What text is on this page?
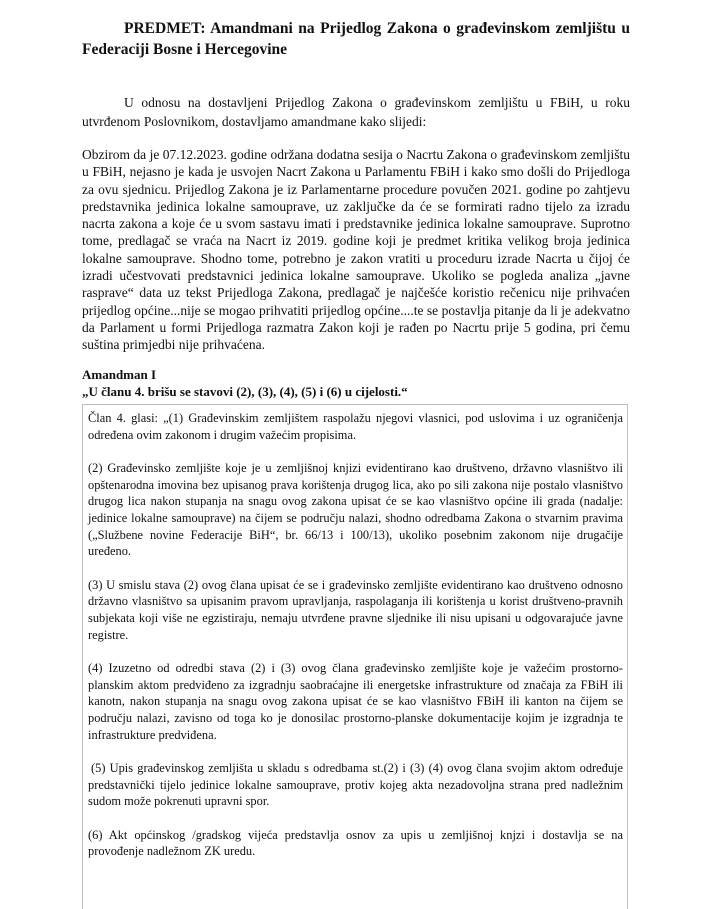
PREDMET: Amandmani na Prijedlog Zakona o građevinskom zemljištu u Federaciji Bosne i Hercegovine

U odnosu na dostavljeni Prijedlog Zakona o građevinskom zemljištu u FBiH, u roku utvrđenom Poslovnikom, dostavljamo amandmane kako slijedi:

Obzirom da je 07.12.2023. godine održana dodatna sesija o Nacrtu Zakona o građevinskom zemljištu u FBiH, nejasno je kada je usvojen Nacrt Zakona u Parlamentu FBiH i kako smo došli do Prijedloga za ovu sjednicu. Prijedlog Zakona je iz Parlamentarne procedure povučen 2021. godine po zahtjevu predstavnika jedinica lokalne samouprave, uz zaključke da će se formirati radno tijelo za izradu nacrta zakona a koje će u svom sastavu imati i predstavnike jedinica lokalne samouprave. Suprotno tome, predlagač se vraća na Nacrt iz 2019. godine koji je predmet kritika velikog broja jedinica lokalne samouprave. Shodno tome, potrebno je zakon vratiti u proceduru izrade Nacrta u čijoj će izradi učestvovati predstavnici jedinica lokalne samouprave. Ukoliko se pogleda analiza „javne rasprave“ data uz tekst Prijedloga Zakona, predlagač je najčešće koristio rečenicu nije prihvaćen prijedlog općine...nije se mogao prihvatiti prijedlog općine....te se postavlja pitanje da li je adekvatno da Parlament u formi Prijedloga razmatra Zakon koji je rađen po Nacrtu prije 5 godina, pri čemu suština primjedbi nije prihvaćena.

Amandman I
„U članu 4. brišu se stavovi (2), (3), (4), (5) i (6) u cijelosti.“

Član 4. glasi: „(1) Građevinskim zemljištem raspolažu njegovi vlasnici, pod uslovima i uz ograničenja određena ovim zakonom i drugim važećim propisima.

(2) Građevinsko zemljište koje je u zemljišnoj knjizi evidentirano kao društveno, državno vlasništvo ili opštenarodna imovina bez upisanog prava korištenja drugog lica, ako po sili zakona nije postalo vlasništvo drugog lica nakon stupanja na snagu ovog zakona upisat će se kao vlasništvo općine ili grada (nadalje: jedinice lokalne samouprave) na čijem se području nalazi, shodno odredbama Zakona o stvarnim pravima („Službene novine Federacije BiH“, br. 66/13 i 100/13), ukoliko posebnim zakonom nije drugačije uređeno.

(3) U smislu stava (2) ovog člana upisat će se i građevinsko zemljište evidentirano kao društveno odnosno državno vlasništvo sa upisanim pravom upravljanja, raspolaganja ili korištenja u korist društveno-pravnih subjekata koji više ne egzistiraju, nemaju utvrđene pravne sljednike ili nisu upisani u odgovarajuće javne registre.

(4) Izuzetno od odredbi stava (2) i (3) ovog člana građevinsko zemljište koje je važećim prostorno-planskim aktom predviđeno za izgradnju saobraćajne ili energetske infrastrukture od značaja za FBiH ili kanotn, nakon stupanja na snagu ovog zakona upisat će se kao vlasništvo FBiH ili kanton na čijem se području nalazi, zavisno od toga ko je donosilac prostorno-planske dokumentacije kojim je izgradnja te infrastrukture predviđena.

(5) Upis građevinskog zemljišta u skladu s odredbama st.(2) i (3) (4) ovog člana svojim aktom određuje predstavnički tijelo jedinice lokalne samouprave, protiv kojeg akta nezadovoljna strana pred nadležnim sudom može pokrenuti upravni spor.

(6) Akt općinskog /gradskog vijeća predstavlja osnov za upis u zemljišnoj knjzi i dostavlja se na provođenje nadležnom ZK uredu.
